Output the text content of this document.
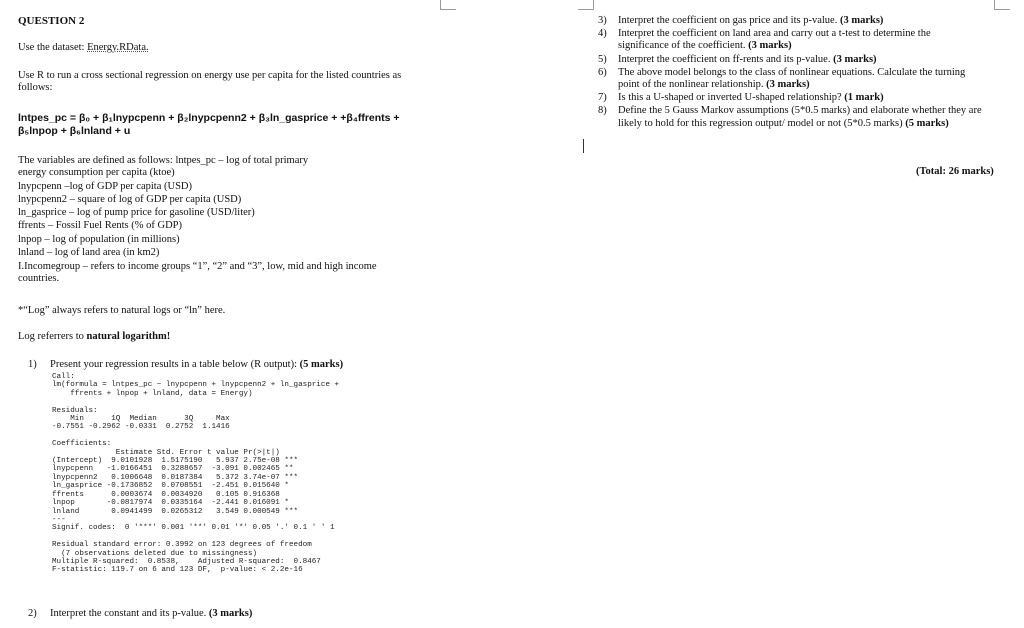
QUESTION 2
Use the dataset: Energy.RData.
Use R to run a cross sectional regression on energy use per capita for the listed countries as
follows:
lntpes_pc = β₀ + β₁lnypcpenn + β₂lnypcpenn2 + β₃ln_gasprice + +β₄ffrents +
β₅lnpop + β₆lnland + u
The variables are defined as follows: lntpes_pc – log of total primary
energy consumption per capita (ktoe)
lnypcpenn –log of GDP per capita (USD)
lnypcpenn2 – square of log of GDP per capita (USD)
ln_gasprice – log of pump price for gasoline (USD/liter)
ffrents – Fossil Fuel Rents (% of GDP)
lnpop – log of population (in millions)
lnland – log of land area (in km2)
I.Incomegroup – refers to income groups “1”, “2” and “3”, low, mid and high income
countries.
*“Log” always refers to natural logs or “ln” here.
Log referrers to natural logarithm!
1) Present your regression results in a table below (R output): (5 marks)
Call:
lm(formula = lntpes_pc ~ lnypcpenn + lnypcpenn2 + ln_gasprice +
ffrents + lnpop + lnland, data = Energy)

Residuals:
Min      1Q  Median      3Q     Max
-0.7551 -0.2962 -0.0331  0.2752  1.1416

Coefficients:
Estimate Std. Error t value Pr(>|t|)
(Intercept)  9.0101928  1.5175190   5.937 2.75e-08 ***
lnypcpenn   -1.0166451  0.3288657  -3.091 0.002465 **
lnypcpenn2   0.1006648  0.0187384   5.372 3.74e-07 ***
ln_gasprice -0.1736852  0.0708551  -2.451 0.015640 *
ffrents      0.0003674  0.0034920   0.105 0.916368
lnpop       -0.0817974  0.0335164  -2.441 0.016091 *
lnland       0.0941499  0.0265312   3.549 0.000549 ***
---
Signif. codes:  0 '***' 0.001 '**' 0.01 '*' 0.05 '.' 0.1 ' ' 1

Residual standard error: 0.3992 on 123 degrees of freedom
(7 observations deleted due to missingness)
Multiple R-squared:  0.8538,	Adjusted R-squared:  0.8467
F-statistic: 119.7 on 6 and 123 DF,  p-value: < 2.2e-16
2) Interpret the constant and its p-value. (3 marks)
3) Interpret the coefficient on gas price and its p-value. (3 marks)
4) Interpret the coefficient on land area and carry out a t-test to determine the
significance of the coefficient. (3 marks)
5) Interpret the coefficient on ff-rents and its p-value. (3 marks)
6) The above model belongs to the class of nonlinear equations. Calculate the turning
point of the nonlinear relationship. (3 marks)
7) Is this a U-shaped or inverted U-shaped relationship? (1 mark)
8) Define the 5 Gauss Markov assumptions (5*0.5 marks) and elaborate whether they are
likely to hold for this regression output/ model or not (5*0.5 marks) (5 marks)
(Total: 26 marks)
